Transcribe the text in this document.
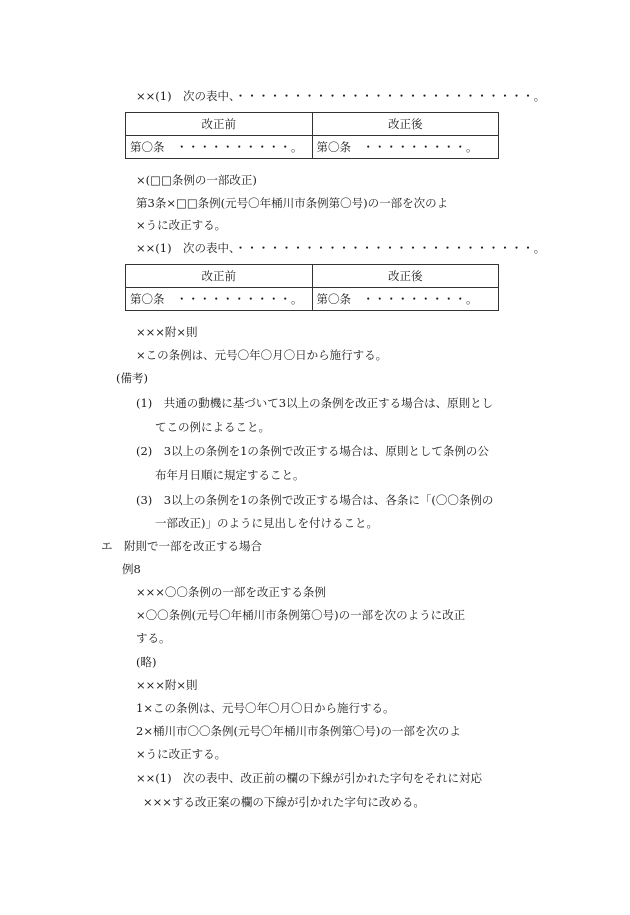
××(1)　次の表中、・・・・・・・・・・・・・・・・・・・・・・・・・・。
改正前	改正後
第〇条　・・・・・・・・・・。	第〇条　・・・・・・・・・。
×(□□条例の一部改正)
第3条×□□条例(元号〇年桶川市条例第〇号)の一部を次のよ
×うに改正する。
××(1)　次の表中、・・・・・・・・・・・・・・・・・・・・・・・・・・。
改正前	改正後
第〇条　・・・・・・・・・・。	第〇条　・・・・・・・・・。
×××附×則
×この条例は、元号〇年〇月〇日から施行する。
(備考)
(1)　共通の動機に基づいて3以上の条例を改正する場合は、原則とし
てこの例によること。
(2)　3以上の条例を1の条例で改正する場合は、原則として条例の公
布年月日順に規定すること。
(3)　3以上の条例を1の条例で改正する場合は、各条に「(〇〇条例の
一部改正)」のように見出しを付けること。
エ　附則で一部を改正する場合
例8
×××〇〇条例の一部を改正する条例
×〇〇条例(元号〇年桶川市条例第〇号)の一部を次のように改正
する。
(略)
×××附×則
1×この条例は、元号〇年〇月〇日から施行する。
2×桶川市〇〇条例(元号〇年桶川市条例第〇号)の一部を次のよ
×うに改正する。
××(1)　次の表中、改正前の欄の下線が引かれた字句をそれに対応
×××する改正案の欄の下線が引かれた字句に改める。
